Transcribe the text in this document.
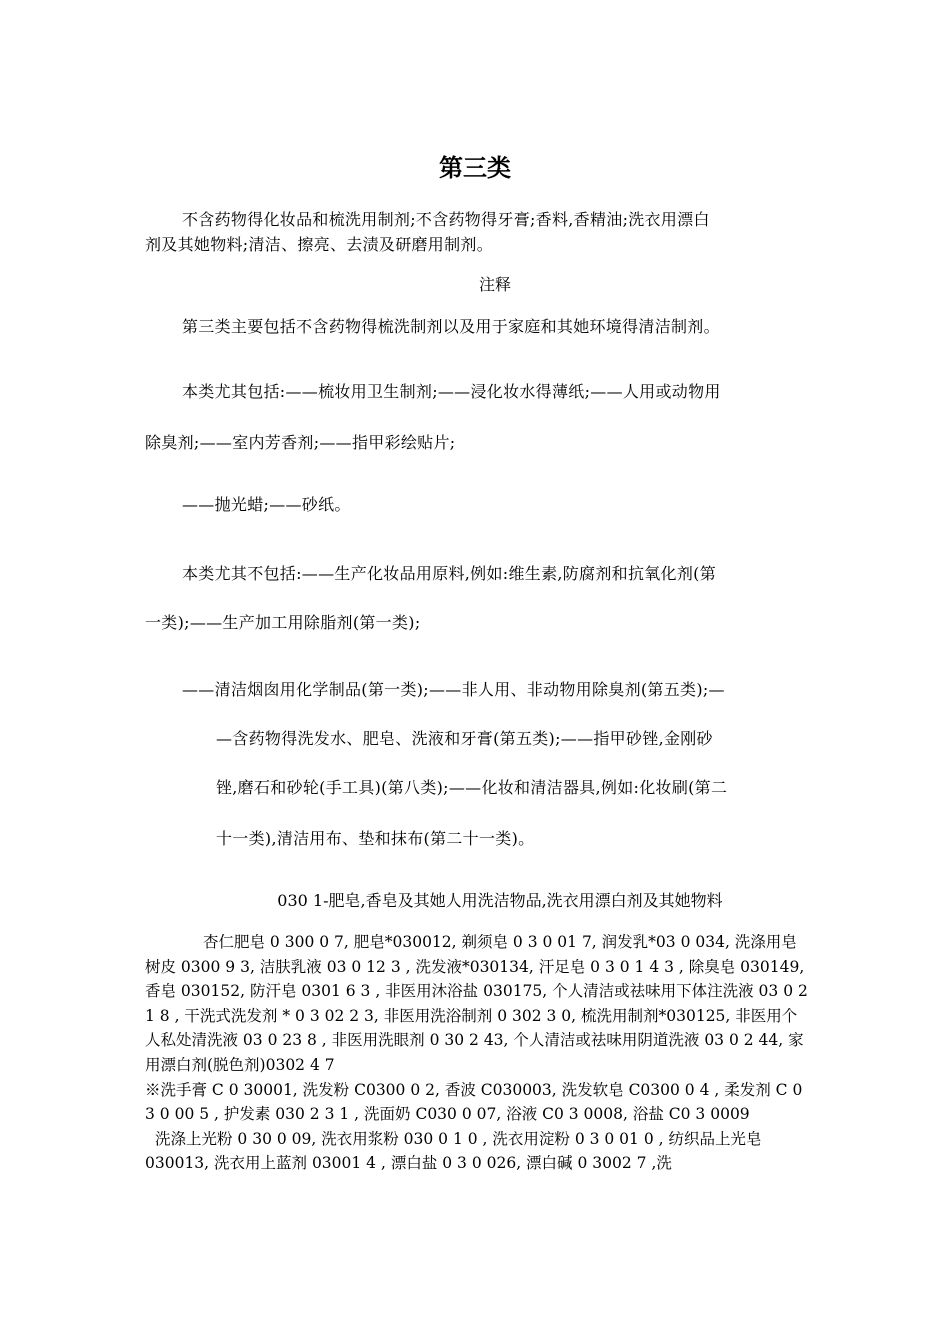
第三类
不含药物得化妆品和梳洗用制剂;不含药物得牙膏;香料,香精油;洗衣用漂白
剂及其她物料;清洁、擦亮、去渍及研磨用制剂。
注释
第三类主要包括不含药物得梳洗制剂以及用于家庭和其她环境得清洁制剂。
本类尤其包括:——梳妆用卫生制剂;——浸化妆水得薄纸;——人用或动物用
除臭剂;——室内芳香剂;——指甲彩绘贴片;
——抛光蜡;——砂纸。
本类尤其不包括:——生产化妆品用原料,例如:维生素,防腐剂和抗氧化剂(第
一类);——生产加工用除脂剂(第一类);
——清洁烟囱用化学制品(第一类);——非人用、非动物用除臭剂(第五类);—
—含药物得洗发水、肥皂、洗液和牙膏(第五类);——指甲砂锉,金刚砂
锉,磨石和砂轮(手工具)(第八类);——化妆和清洁器具,例如:化妆刷(第二
十一类),清洁用布、垫和抹布(第二十一类)。
030 1-肥皂,香皂及其她人用洗洁物品,洗衣用漂白剂及其她物料

杏仁肥皂 0 300 0 7, 肥皂*030012, 剃须皂 0 3 0 01 7, 润发乳*03 0 034, 洗涤用皂树皮 0300 9 3, 洁肤乳液 03 0 12 3 , 洗发液*030134, 汗足皂 0 3 0 1 4 3 , 除臭皂 030149, 香皂 030152, 防汗皂 0301 6 3 , 非医用沐浴盐 030175, 个人清洁或祛味用下体注洗液 03 0 2 1 8 , 干洗式洗发剂 * 0 3 02 2 3, 非医用洗浴制剂 0 302 3 0, 梳洗用制剂*030125, 非医用个人私处清洗液 03 0 23 8 , 非医用洗眼剂 0 30 2 43, 个人清洁或祛味用阴道洗液 03 0 2 44, 家用漂白剂(脱色剂)0302 4 7

※洗手膏 C 0 30001, 洗发粉 C0300 0 2, 香波 C030003, 洗发软皂 C0300 0 4 , 柔发剂 C 0 3 0 00 5 , 护发素 030 2 3 1 , 洗面奶 C030 0 07, 浴液 C0 3 0008, 浴盐 C0 3 0009

洗涤上光粉 0 30 0 09, 洗衣用浆粉 030 0 1 0 , 洗衣用淀粉 0 3 0 01 0 , 纺织品上光皂 030013, 洗衣用上蓝剂 03001 4 , 漂白盐 0 3 0 026, 漂白碱 0 3002 7 ,洗
